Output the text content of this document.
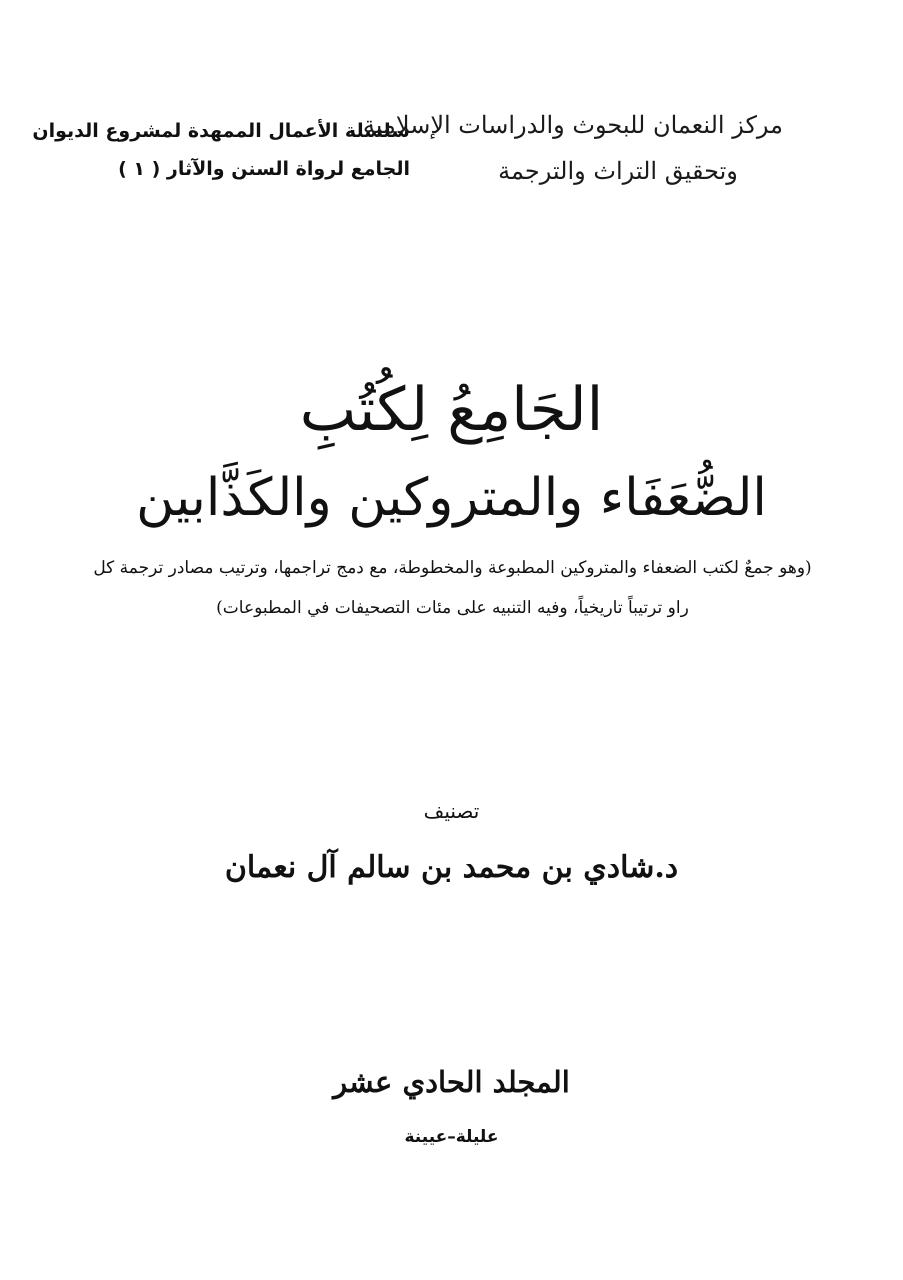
سلسلة الأعمال الممهدة لمشروع الديوان
الجامع لرواة السنن والآثار ( ١ )
مركز النعمان للبحوث والدراسات الإسلامية
وتحقيق التراث والترجمة
الجَامِعُ لِكُتُبِ
الضُّعَفَاء والمتروكين والكَذَّابين
(وهو جمعٌ لكتب الضعفاء والمتروكين المطبوعة والمخطوطة، مع دمج تراجمها، وترتيب مصادر ترجمة كل
راو ترتيباً تاريخياً، وفيه التنبيه على مئات التصحيفات في المطبوعات)
تصنيف
د.شادي بن محمد بن سالم آل نعمان
المجلد الحادي عشر
عليلة–عيينة
